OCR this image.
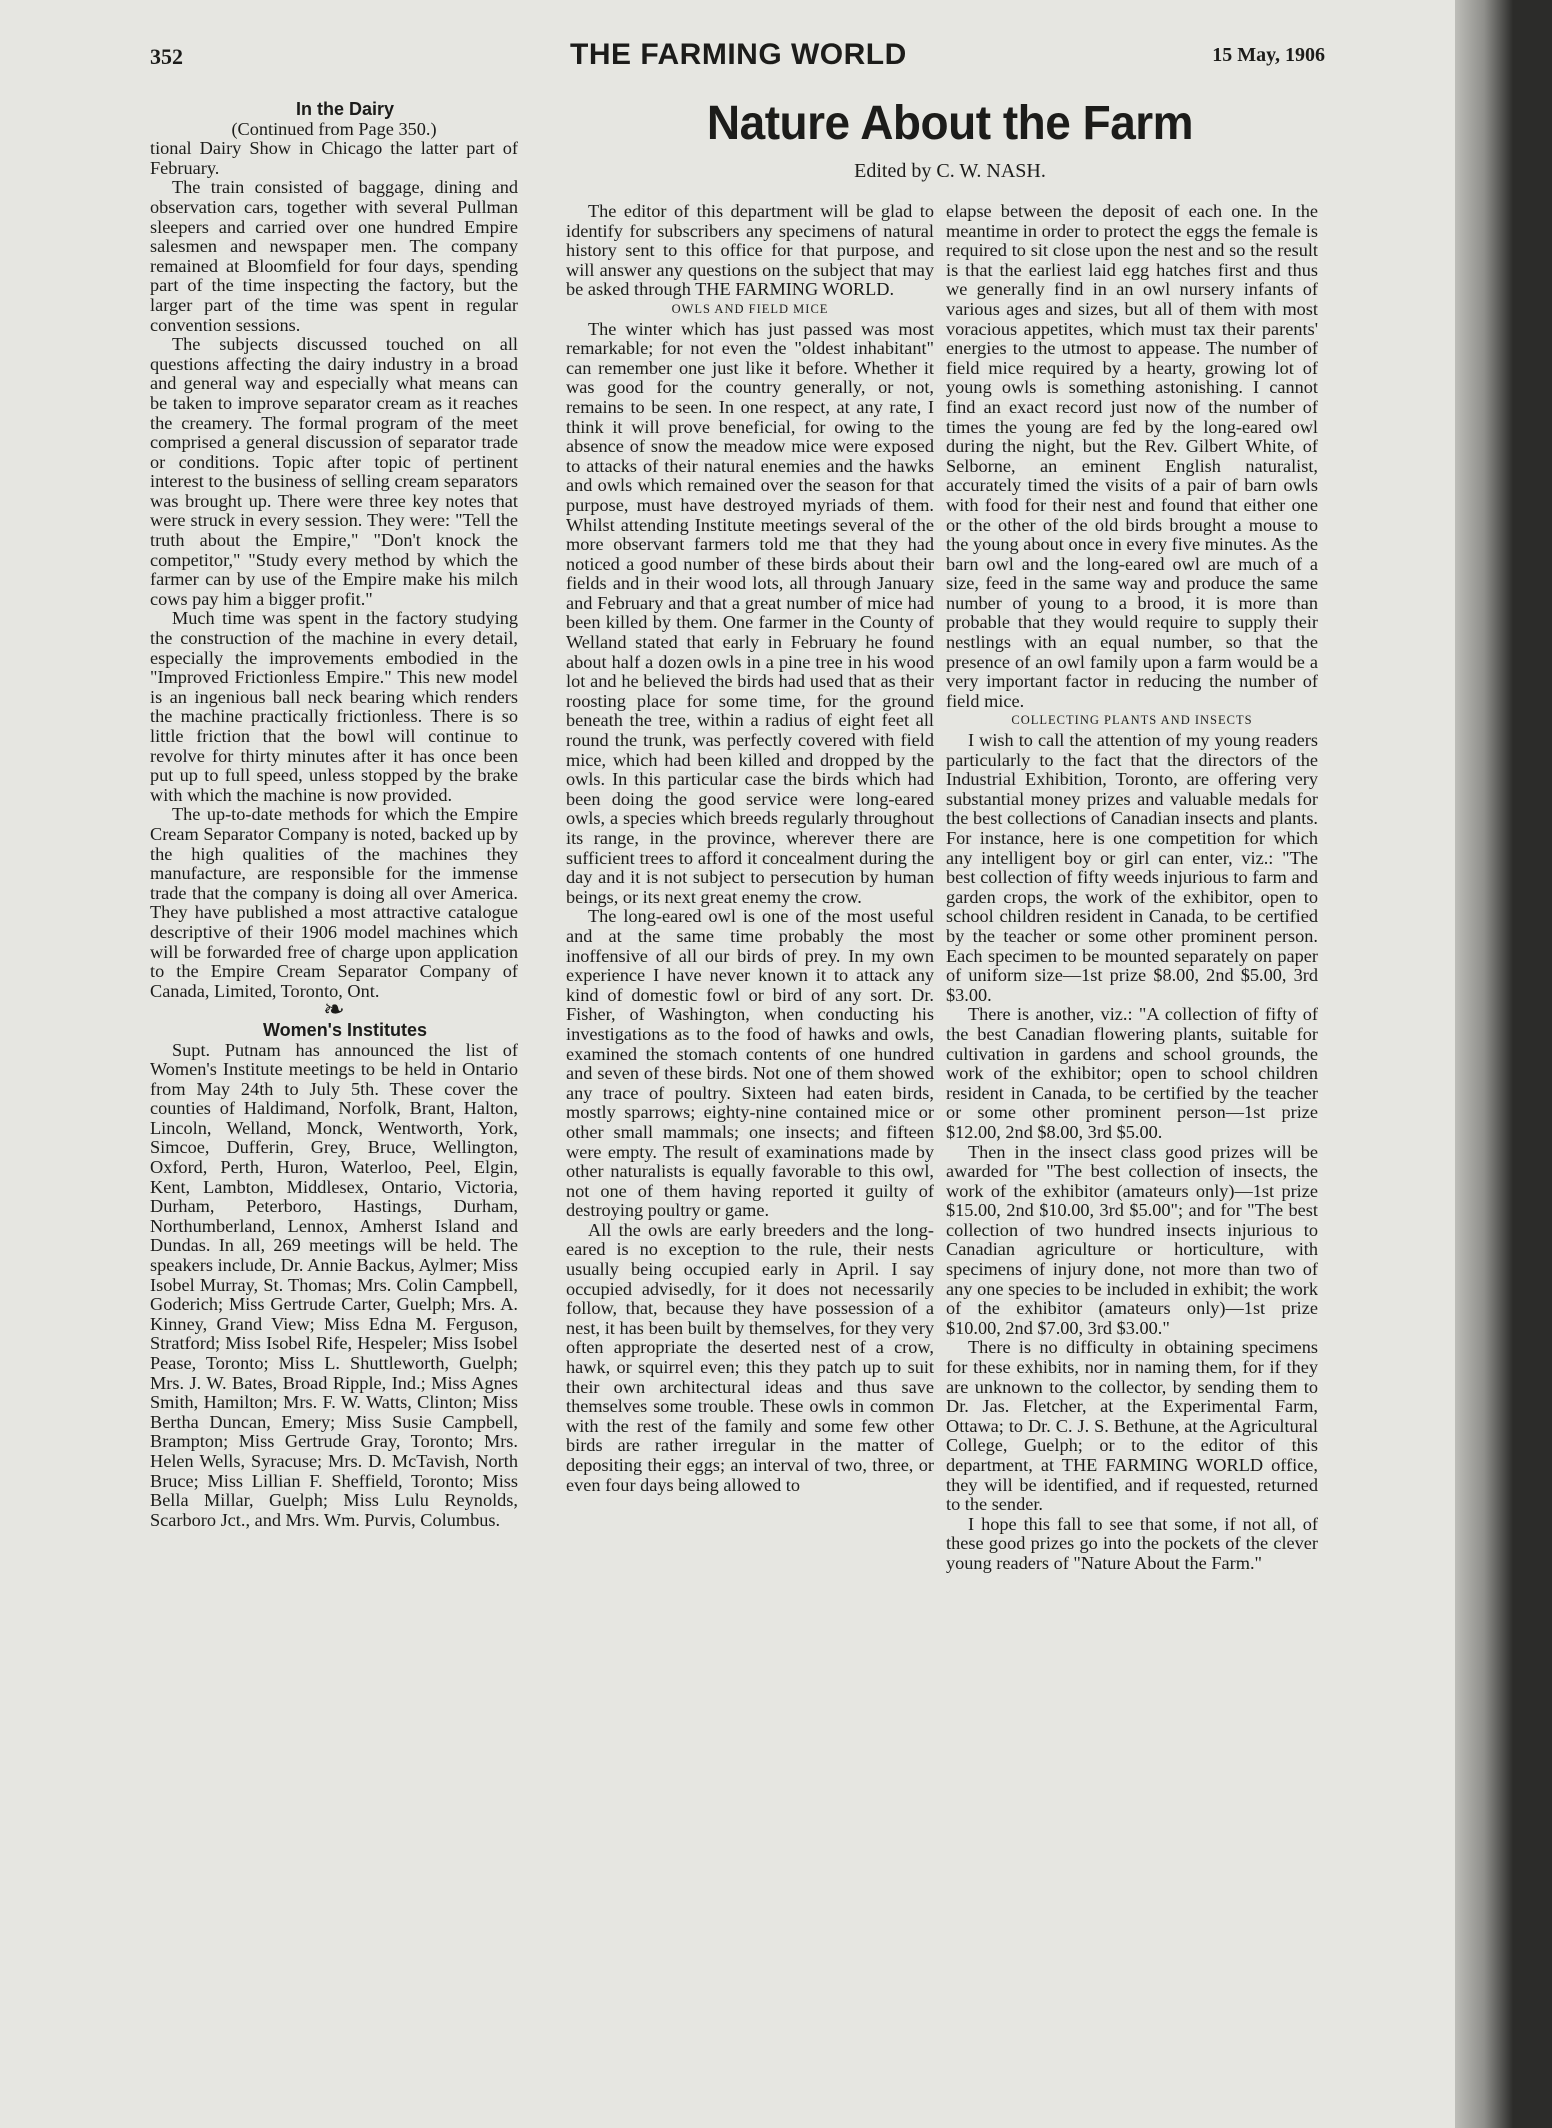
352	THE FARMING WORLD	15 May, 1906

In the Dairy

(Continued from Page 350.)

tional Dairy Show in Chicago the latter part of February.

The train consisted of baggage, dining and observation cars, together with several Pullman sleepers and carried over one hundred Empire salesmen and newspaper men. The company remained at Bloomfield for four days, spending part of the time inspecting the factory, but the larger part of the time was spent in regular convention sessions.

The subjects discussed touched on all questions affecting the dairy industry in a broad and general way and especially what means can be taken to improve separator cream as it reaches the creamery. The formal program of the meet comprised a general discussion of separator trade or conditions. Topic after topic of pertinent interest to the business of selling cream separators was brought up. There were three key notes that were struck in every session. They were: "Tell the truth about the Empire," "Don't knock the competitor," "Study every method by which the farmer can by use of the Empire make his milch cows pay him a bigger profit."

Much time was spent in the factory studying the construction of the machine in every detail, especially the improvements embodied in the "Improved Frictionless Empire." This new model is an ingenious ball neck bearing which renders the machine practically frictionless. There is so little friction that the bowl will continue to revolve for thirty minutes after it has once been put up to full speed, unless stopped by the brake with which the machine is now provided.

The up-to-date methods for which the Empire Cream Separator Company is noted, backed up by the high qualities of the machines they manufacture, are responsible for the immense trade that the company is doing all over America. They have published a most attractive catalogue descriptive of their 1906 model machines which will be forwarded free of charge upon application to the Empire Cream Separator Company of Canada, Limited, Toronto, Ont.

❧

Women's Institutes

Supt. Putnam has announced the list of Women's Institute meetings to be held in Ontario from May 24th to July 5th. These cover the counties of Haldimand, Norfolk, Brant, Halton, Lincoln, Welland, Monck, Wentworth, York, Simcoe, Dufferin, Grey, Bruce, Wellington, Oxford, Perth, Huron, Waterloo, Peel, Elgin, Kent, Lambton, Middlesex, Ontario, Victoria, Durham, Peterboro, Hastings, Durham, Northumberland, Lennox, Amherst Island and Dundas. In all, 269 meetings will be held. The speakers include, Dr. Annie Backus, Aylmer; Miss Isobel Murray, St. Thomas; Mrs. Colin Campbell, Goderich; Miss Gertrude Carter, Guelph; Mrs. A. Kinney, Grand View; Miss Edna M. Ferguson, Stratford; Miss Isobel Rife, Hespeler; Miss Isobel Pease, Toronto; Miss L. Shuttleworth, Guelph; Mrs. J. W. Bates, Broad Ripple, Ind.; Miss Agnes Smith, Hamilton; Mrs. F. W. Watts, Clinton; Miss Bertha Duncan, Emery; Miss Susie Campbell, Brampton; Miss Gertrude Gray, Toronto; Mrs. Helen Wells, Syracuse; Mrs. D. McTavish, North Bruce; Miss Lillian F. Sheffield, Toronto; Miss Bella Millar, Guelph; Miss Lulu Reynolds, Scarboro Jct., and Mrs. Wm. Purvis, Columbus.

Nature About the Farm
Edited by C. W. NASH.

The editor of this department will be glad to identify for subscribers any specimens of natural history sent to this office for that purpose, and will answer any questions on the subject that may be asked through THE FARMING WORLD.

OWLS AND FIELD MICE

The winter which has just passed was most remarkable; for not even the "oldest inhabitant" can remember one just like it before. Whether it was good for the country generally, or not, remains to be seen. In one respect, at any rate, I think it will prove beneficial, for owing to the absence of snow the meadow mice were exposed to attacks of their natural enemies and the hawks and owls which remained over the season for that purpose, must have destroyed myriads of them. Whilst attending Institute meetings several of the more observant farmers told me that they had noticed a good number of these birds about their fields and in their wood lots, all through January and February and that a great number of mice had been killed by them. One farmer in the County of Welland stated that early in February he found about half a dozen owls in a pine tree in his wood lot and he believed the birds had used that as their roosting place for some time, for the ground beneath the tree, within a radius of eight feet all round the trunk, was perfectly covered with field mice, which had been killed and dropped by the owls. In this particular case the birds which had been doing the good service were long-eared owls, a species which breeds regularly throughout its range, in the province, wherever there are sufficient trees to afford it concealment during the day and it is not subject to persecution by human beings, or its next great enemy the crow.

The long-eared owl is one of the most useful and at the same time probably the most inoffensive of all our birds of prey. In my own experience I have never known it to attack any kind of domestic fowl or bird of any sort. Dr. Fisher, of Washington, when conducting his investigations as to the food of hawks and owls, examined the stomach contents of one hundred and seven of these birds. Not one of them showed any trace of poultry. Sixteen had eaten birds, mostly sparrows; eighty-nine contained mice or other small mammals; one insects; and fifteen were empty. The result of examinations made by other naturalists is equally favorable to this owl, not one of them having reported it guilty of destroying poultry or game.

All the owls are early breeders and the long-eared is no exception to the rule, their nests usually being occupied early in April. I say occupied advisedly, for it does not necessarily follow, that, because they have possession of a nest, it has been built by themselves, for they very often appropriate the deserted nest of a crow, hawk, or squirrel even; this they patch up to suit their own architectural ideas and thus save themselves some trouble. These owls in common with the rest of the family and some few other birds are rather irregular in the matter of depositing their eggs; an interval of two, three, or even four days being allowed to

elapse between the deposit of each one. In the meantime in order to protect the eggs the female is required to sit close upon the nest and so the result is that the earliest laid egg hatches first and thus we generally find in an owl nursery infants of various ages and sizes, but all of them with most voracious appetites, which must tax their parents' energies to the utmost to appease. The number of field mice required by a hearty, growing lot of young owls is something astonishing. I cannot find an exact record just now of the number of times the young are fed by the long-eared owl during the night, but the Rev. Gilbert White, of Selborne, an eminent English naturalist, accurately timed the visits of a pair of barn owls with food for their nest and found that either one or the other of the old birds brought a mouse to the young about once in every five minutes. As the barn owl and the long-eared owl are much of a size, feed in the same way and produce the same number of young to a brood, it is more than probable that they would require to supply their nestlings with an equal number, so that the presence of an owl family upon a farm would be a very important factor in reducing the number of field mice.

COLLECTING PLANTS AND INSECTS

I wish to call the attention of my young readers particularly to the fact that the directors of the Industrial Exhibition, Toronto, are offering very substantial money prizes and valuable medals for the best collections of Canadian insects and plants. For instance, here is one competition for which any intelligent boy or girl can enter, viz.: "The best collection of fifty weeds injurious to farm and garden crops, the work of the exhibitor, open to school children resident in Canada, to be certified by the teacher or some other prominent person. Each specimen to be mounted separately on paper of uniform size—1st prize $8.00, 2nd $5.00, 3rd $3.00.

There is another, viz.: "A collection of fifty of the best Canadian flowering plants, suitable for cultivation in gardens and school grounds, the work of the exhibitor; open to school children resident in Canada, to be certified by the teacher or some other prominent person—1st prize $12.00, 2nd $8.00, 3rd $5.00.

Then in the insect class good prizes will be awarded for "The best collection of insects, the work of the exhibitor (amateurs only)—1st prize $15.00, 2nd $10.00, 3rd $5.00"; and for "The best collection of two hundred insects injurious to Canadian agriculture or horticulture, with specimens of injury done, not more than two of any one species to be included in exhibit; the work of the exhibitor (amateurs only)—1st prize $10.00, 2nd $7.00, 3rd $3.00."

There is no difficulty in obtaining specimens for these exhibits, nor in naming them, for if they are unknown to the collector, by sending them to Dr. Jas. Fletcher, at the Experimental Farm, Ottawa; to Dr. C. J. S. Bethune, at the Agricultural College, Guelph; or to the editor of this department, at THE FARMING WORLD office, they will be identified, and if requested, returned to the sender.

I hope this fall to see that some, if not all, of these good prizes go into the pockets of the clever young readers of "Nature About the Farm."
